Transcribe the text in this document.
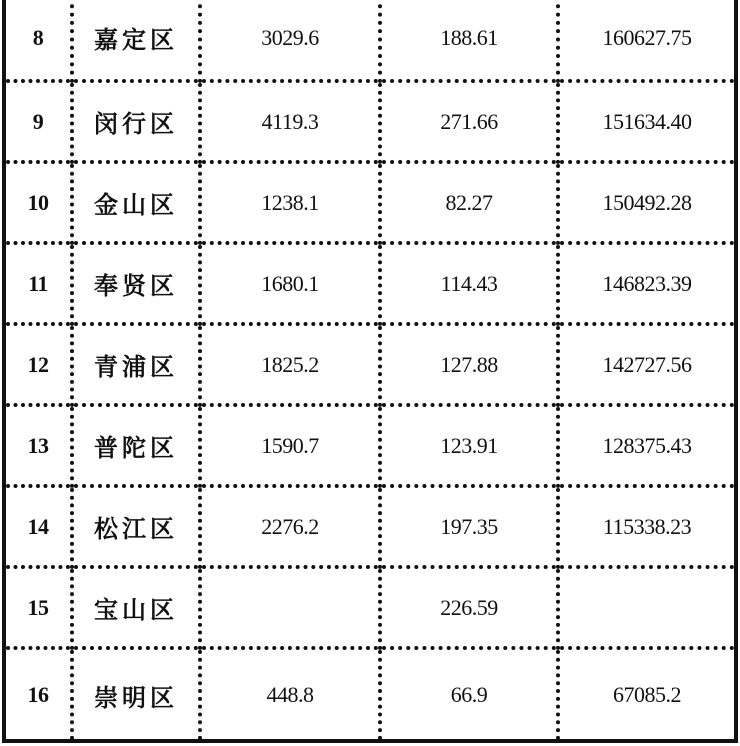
8	嘉定区	3029.6	188.61	160627.75
9	闵行区	4119.3	271.66	151634.40
10	金山区	1238.1	82.27	150492.28
11	奉贤区	1680.1	114.43	146823.39
12	青浦区	1825.2	127.88	142727.56
13	普陀区	1590.7	123.91	128375.43
14	松江区	2276.2	197.35	115338.23
15	宝山区		226.59	
16	崇明区	448.8	66.9	67085.2
